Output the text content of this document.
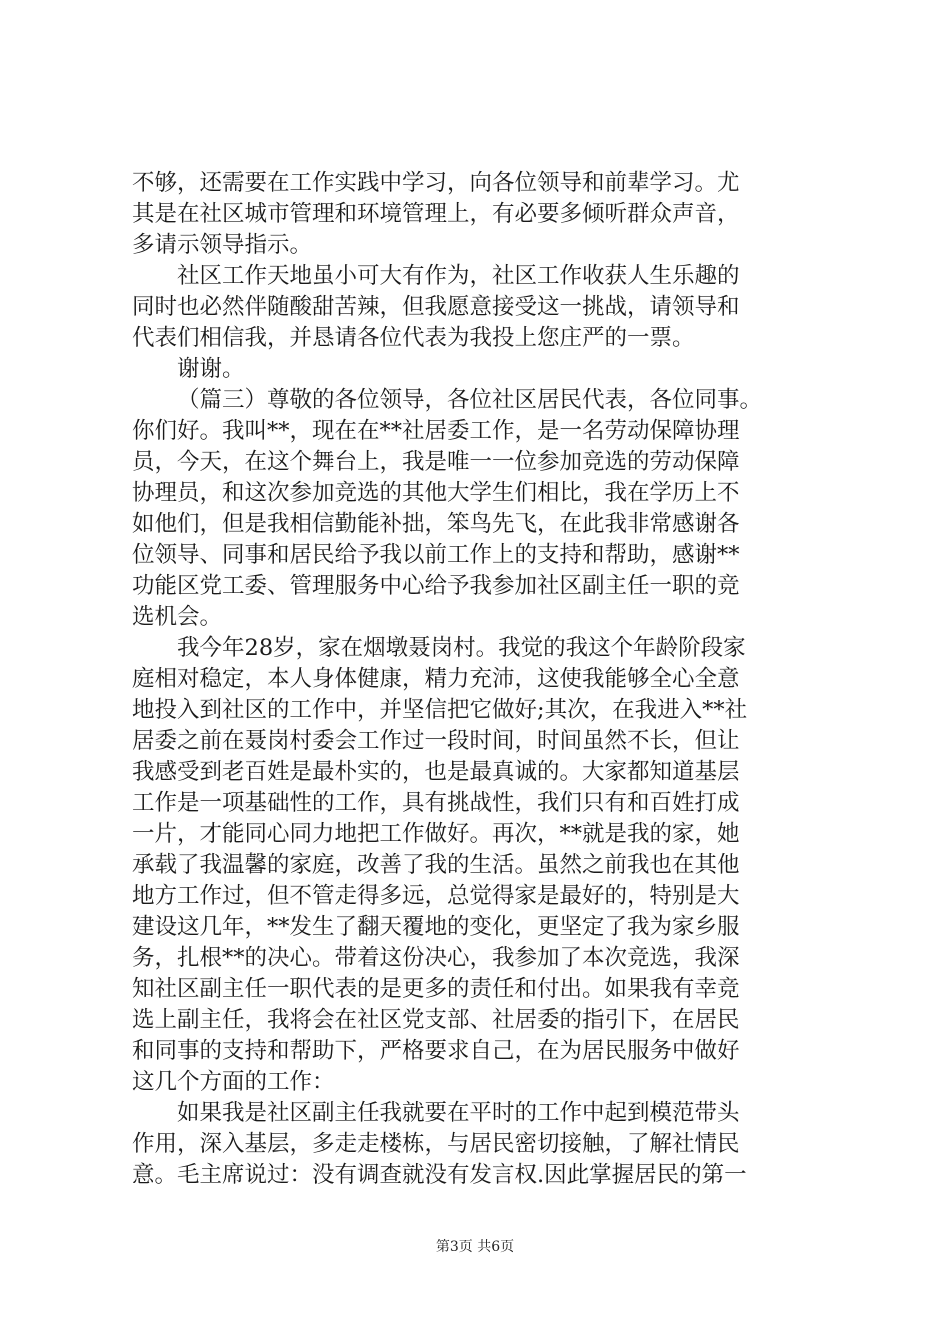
不够，还需要在工作实践中学习，向各位领导和前辈学习。尤
其是在社区城市管理和环境管理上，有必要多倾听群众声音，
多请示领导指示。
社区工作天地虽小可大有作为，社区工作收获人生乐趣的
同时也必然伴随酸甜苦辣，但我愿意接受这一挑战，请领导和
代表们相信我，并恳请各位代表为我投上您庄严的一票。
谢谢。
（篇三）尊敬的各位领导，各位社区居民代表，各位同事。
你们好。我叫**，现在在**社居委工作，是一名劳动保障协理
员，今天，在这个舞台上，我是唯一一位参加竞选的劳动保障
协理员，和这次参加竞选的其他大学生们相比，我在学历上不
如他们，但是我相信勤能补拙，笨鸟先飞，在此我非常感谢各
位领导、同事和居民给予我以前工作上的支持和帮助，感谢**
功能区党工委、管理服务中心给予我参加社区副主任一职的竞
选机会。
我今年28岁，家在烟墩聂岗村。我觉的我这个年龄阶段家
庭相对稳定，本人身体健康，精力充沛，这使我能够全心全意
地投入到社区的工作中，并坚信把它做好;其次，在我进入**社
居委之前在聂岗村委会工作过一段时间，时间虽然不长，但让
我感受到老百姓是最朴实的，也是最真诚的。大家都知道基层
工作是一项基础性的工作，具有挑战性，我们只有和百姓打成
一片，才能同心同力地把工作做好。再次，**就是我的家，她
承载了我温馨的家庭，改善了我的生活。虽然之前我也在其他
地方工作过，但不管走得多远，总觉得家是最好的，特别是大
建设这几年，**发生了翻天覆地的变化，更坚定了我为家乡服
务，扎根**的决心。带着这份决心，我参加了本次竞选，我深
知社区副主任一职代表的是更多的责任和付出。如果我有幸竞
选上副主任，我将会在社区党支部、社居委的指引下，在居民
和同事的支持和帮助下，严格要求自己，在为居民服务中做好
这几个方面的工作：
如果我是社区副主任我就要在平时的工作中起到模范带头
作用，深入基层，多走走楼栋，与居民密切接触，了解社情民
意。毛主席说过：没有调查就没有发言权.因此掌握居民的第一
第3页 共6页
